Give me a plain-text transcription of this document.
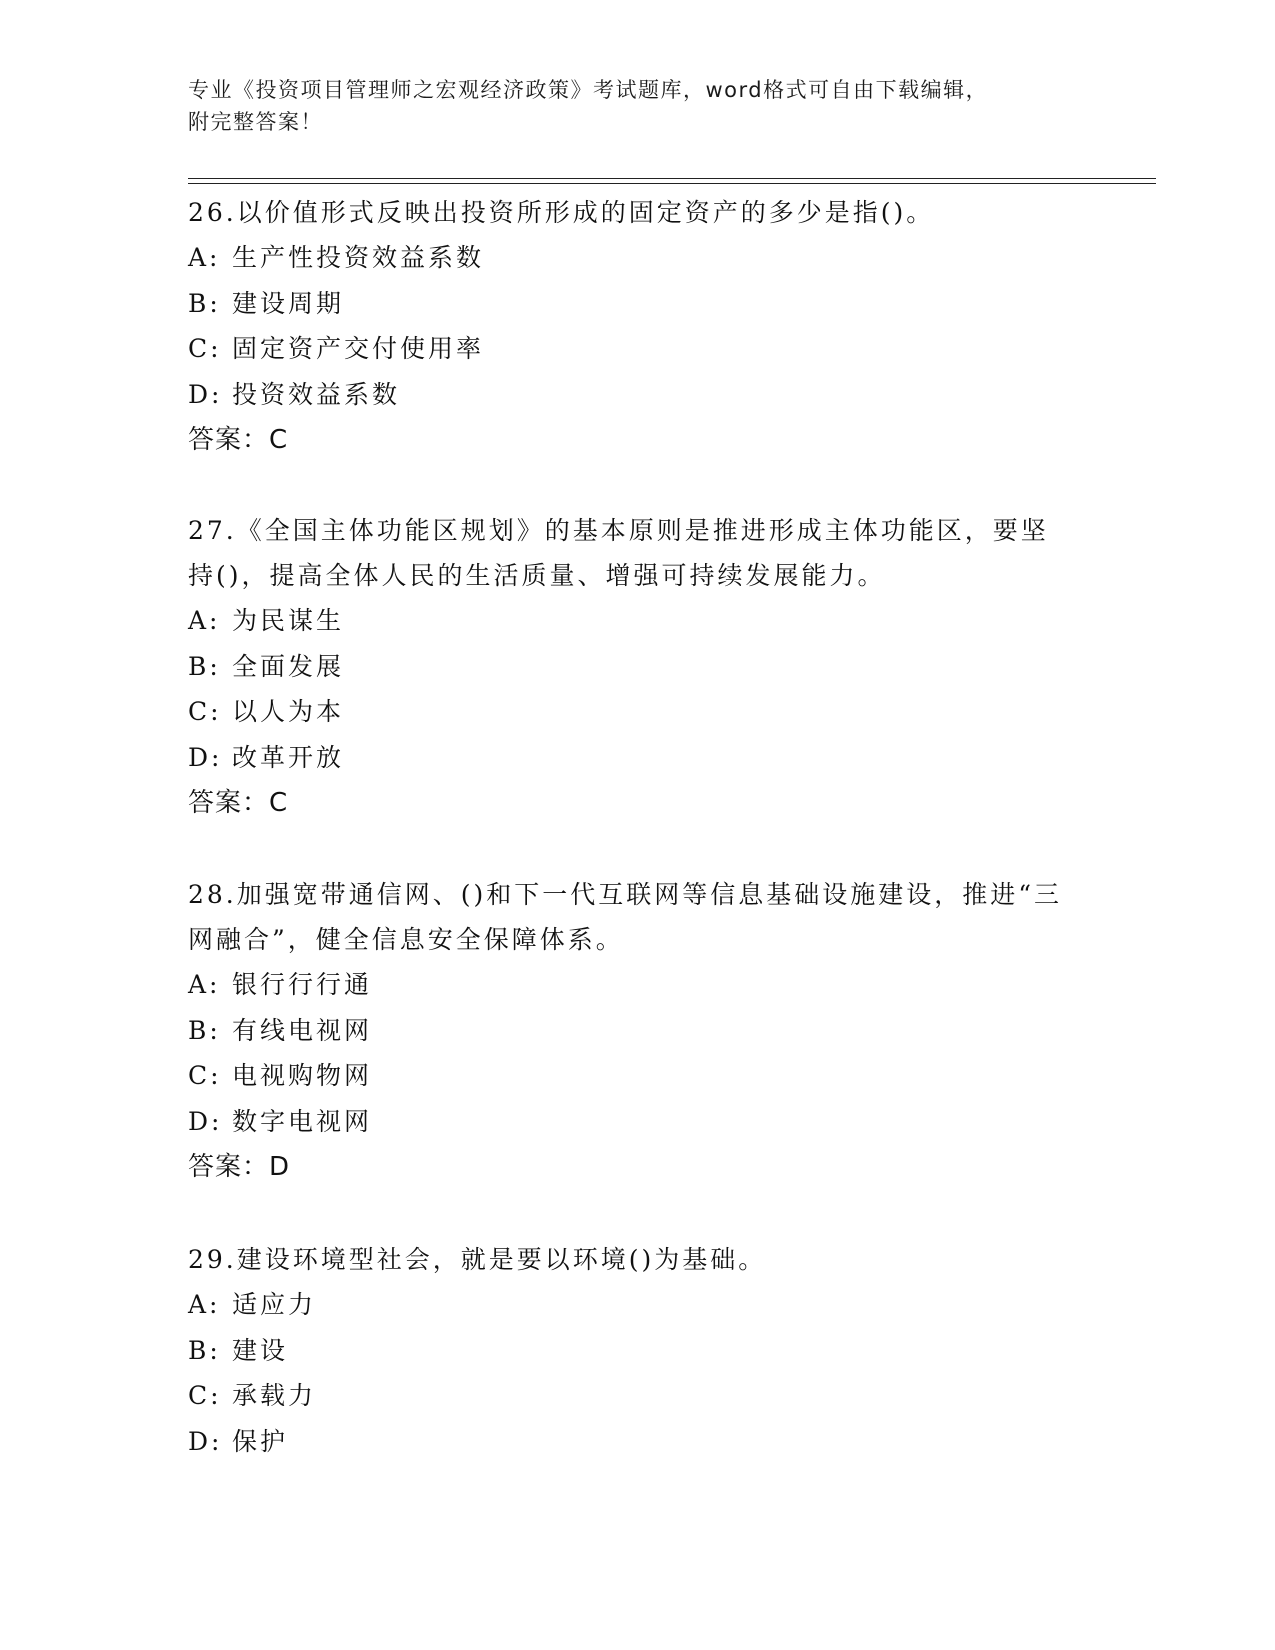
专业《投资项目管理师之宏观经济政策》考试题库，word格式可自由下载编辑，
附完整答案！

26.以价值形式反映出投资所形成的固定资产的多少是指()。

A: 生产性投资效益系数

B: 建设周期

C: 固定资产交付使用率

D: 投资效益系数

答案：C

27.《全国主体功能区规划》的基本原则是推进形成主体功能区，要坚持()，提高全体人民的生活质量、增强可持续发展能力。

A: 为民谋生

B: 全面发展

C: 以人为本

D: 改革开放

答案：C

28.加强宽带通信网、()和下一代互联网等信息基础设施建设，推进“三网融合”，健全信息安全保障体系。

A: 银行行行通

B: 有线电视网

C: 电视购物网

D: 数字电视网

答案：D

29.建设环境型社会，就是要以环境()为基础。

A: 适应力

B: 建设

C: 承载力

D: 保护
